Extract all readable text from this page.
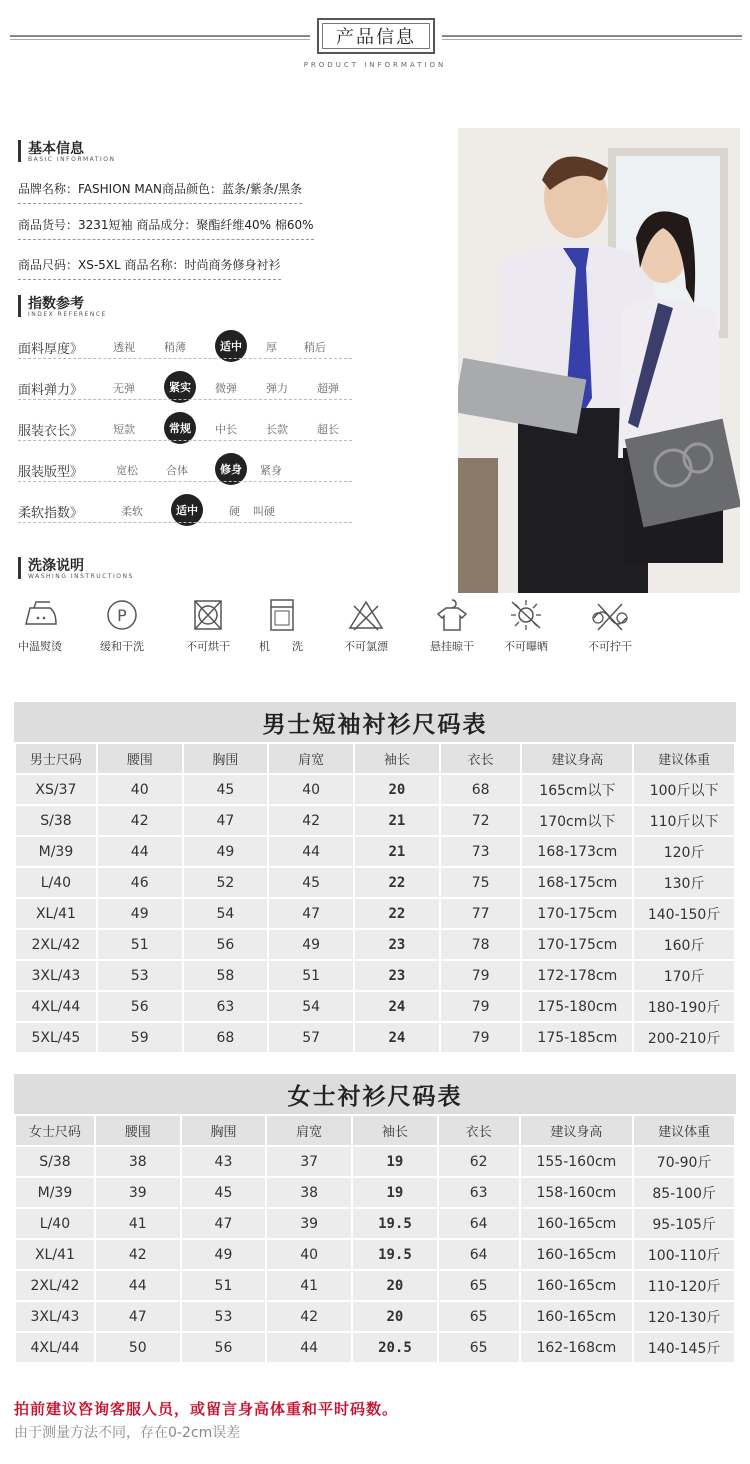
产品信息
PRODUCT INFORMATION
基本信息
BASIC INFORMATION
品牌名称：FASHION MAN商品颜色：蓝条/紫条/黑条
商品货号：3231短袖 商品成分：聚酯纤维40% 棉60%
商品尺码：XS-5XL 商品名称：时尚商务修身衬衫
指数参考
INDEX REFERENCE
面料厚度》	透视	稍薄	适中	厚 稍后
面料弹力》	无弹	紧实	微弹	弹力	超弹
服装衣长》	短款	常规	中长	长款	超长
服装版型》	宽松	合体	修身	紧身
柔软指数》	柔软	适中	硬 叫硬
洗涤说明
WASHING INSTRUCTIONS
中温熨烫
P
缓和干洗	不可烘干	机　　洗	不可氯漂	悬挂晾干	不可曝晒	不可拧干
男士短袖衬衫尺码表
男士尺码	腰围	胸围	肩宽	袖长	衣长	建议身高	建议体重
XS/37	40	45	40	20	68	165cm以下	100斤以下
S/38	42	47	42	21	72	170cm以下	110斤以下
M/39	44	49	44	21	73	168-173cm	120斤
L/40	46	52	45	22	75	168-175cm	130斤
XL/41	49	54	47	22	77	170-175cm	140-150斤
2XL/42	51	56	49	23	78	170-175cm	160斤
3XL/43	53	58	51	23	79	172-178cm	170斤
4XL/44	56	63	54	24	79	175-180cm	180-190斤
5XL/45	59	68	57	24	79	175-185cm	200-210斤
女士衬衫尺码表
女士尺码	腰围	胸围	肩宽	袖长	衣长	建议身高	建议体重
S/38	38	43	37	19	62	155-160cm	70-90斤
M/39	39	45	38	19	63	158-160cm	85-100斤
L/40	41	47	39	19.5	64	160-165cm	95-105斤
XL/41	42	49	40	19.5	64	160-165cm	100-110斤
2XL/42	44	51	41	20	65	160-165cm	110-120斤
3XL/43	47	53	42	20	65	160-165cm	120-130斤
4XL/44	50	56	44	20.5	65	162-168cm	140-145斤
拍前建议咨询客服人员，或留言身高体重和平时码数。
由于测量方法不同，存在0-2cm误差
